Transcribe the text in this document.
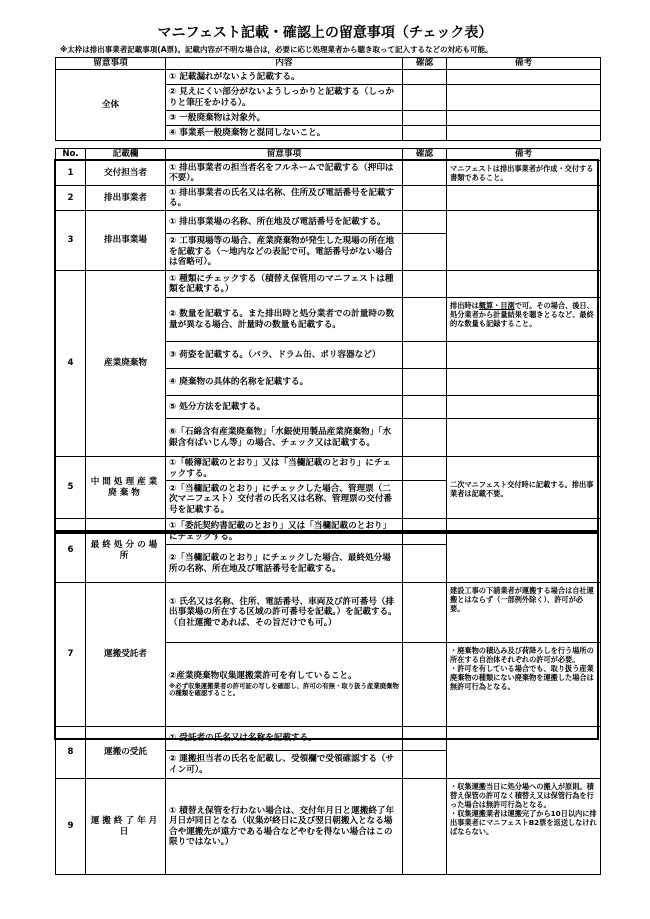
マニフェスト記載・確認上の留意事項（チェック表）
※太枠は排出事業者記載事項(A票)。記載内容が不明な場合は，必要に応じ処理業者から聴き取って記入するなどの対応も可能。
留意事項	内容	確認	備考
全体	① 記載漏れがないよう記載する。		
	② 見えにくい部分がないようしっかりと記載する（しっかりと筆圧をかける）。		
	③ 一般廃棄物は対象外。		
	④ 事業系一般廃棄物と混同しないこと。		
No.	記載欄	留意事項	確認	備考
1	交付担当者	① 排出事業者の担当者名をフルネームで記載する（押印は不要）。		マニフェストは排出事業者が作成・交付する書類であること。
2	排出事業者	① 排出事業者の氏名又は名称、住所及び電話番号を記載する。		
3	排出事業場	① 排出事業場の名称、所在地及び電話番号を記載する。		
		② 工事現場等の場合、産業廃棄物が発生した現場の所在地を記載する（～地内などの表記で可。電話番号がない場合は省略可）。		
4	産業廃棄物	① 種類にチェックする（積替え保管用のマニフェストは種類を記載する。）		
		② 数量を記載する。また排出時と処分業者での計量時の数量が異なる場合、計量時の数量も記載する。		排出時は概算・目測で可。その場合、後日、処分業者から計量結果を聴きとるなど、最終的な数量も記録すること。
		③ 荷姿を記載する。（バラ、ドラム缶、ポリ容器など）		
		④ 廃棄物の具体的名称を記載する。		
		⑤ 処分方法を記載する。		
		⑥「石綿含有産業廃棄物」「水銀使用製品産業廃棄物」「水銀含有ばいじん等」の場合、チェック又は記載する。		
5	中間処理産業廃棄物	①「帳簿記載のとおり」又は「当欄記載のとおり」にチェックする。		二次マニフェスト交付時に記載する。排出事業者は記載不要。
		②「当欄記載のとおり」にチェックした場合、管理票（二次マニフェスト）交付者の氏名又は名称、管理票の交付番号を記載する。		
6	最終処分の場所	①「委託契約書記載のとおり」又は「当欄記載のとおり」にチェックする。		
		②「当欄記載のとおり」にチェックした場合、最終処分場所の名称、所在地及び電話番号を記載する。		
7	運搬受託者	① 氏名又は名称、住所、電話番号、車両及び許可番号（排出事業場の所在する区域の許可番号を記載。）を記載する。（自社運搬であれば、その旨だけでも可。）		建設工事の下請業者が運搬する場合は自社運搬とはならず（一部例外除く）、許可が必要。
		②産業廃棄物収集運搬業許可を有していること。
※必ず収集運搬業者の許可証の写しを確認し、許可の有無・取り扱う産業廃棄物の種類を確認すること。		・廃棄物の積込み及び荷降ろしを行う場所の所在する自治体それぞれの許可が必要。
・許可を有している場合でも、取り扱う産業廃棄物の種類にない廃棄物を運搬した場合は無許可行為となる。
8	運搬の受託	① 受託者の氏名又は名称を記載する。		
		② 運搬担当者の氏名を記載し、受領欄で受領確認する（サイン可）。		
9	運搬終了年月日	① 積替え保管を行わない場合は、交付年月日と運搬終了年月日が同日となる（収集が終日に及び翌日朝搬入となる場合や運搬先が遠方である場合などやむを得ない場合はこの限りではない。）		・収集運搬当日に処分場への搬入が原則。積替え保管の許可なく積替え又は保管行為を行った場合は無許可行為となる。
・収集運搬業者は運搬完了から10日以内に排出事業者にマニフェストB2票を返送しなければならない。
